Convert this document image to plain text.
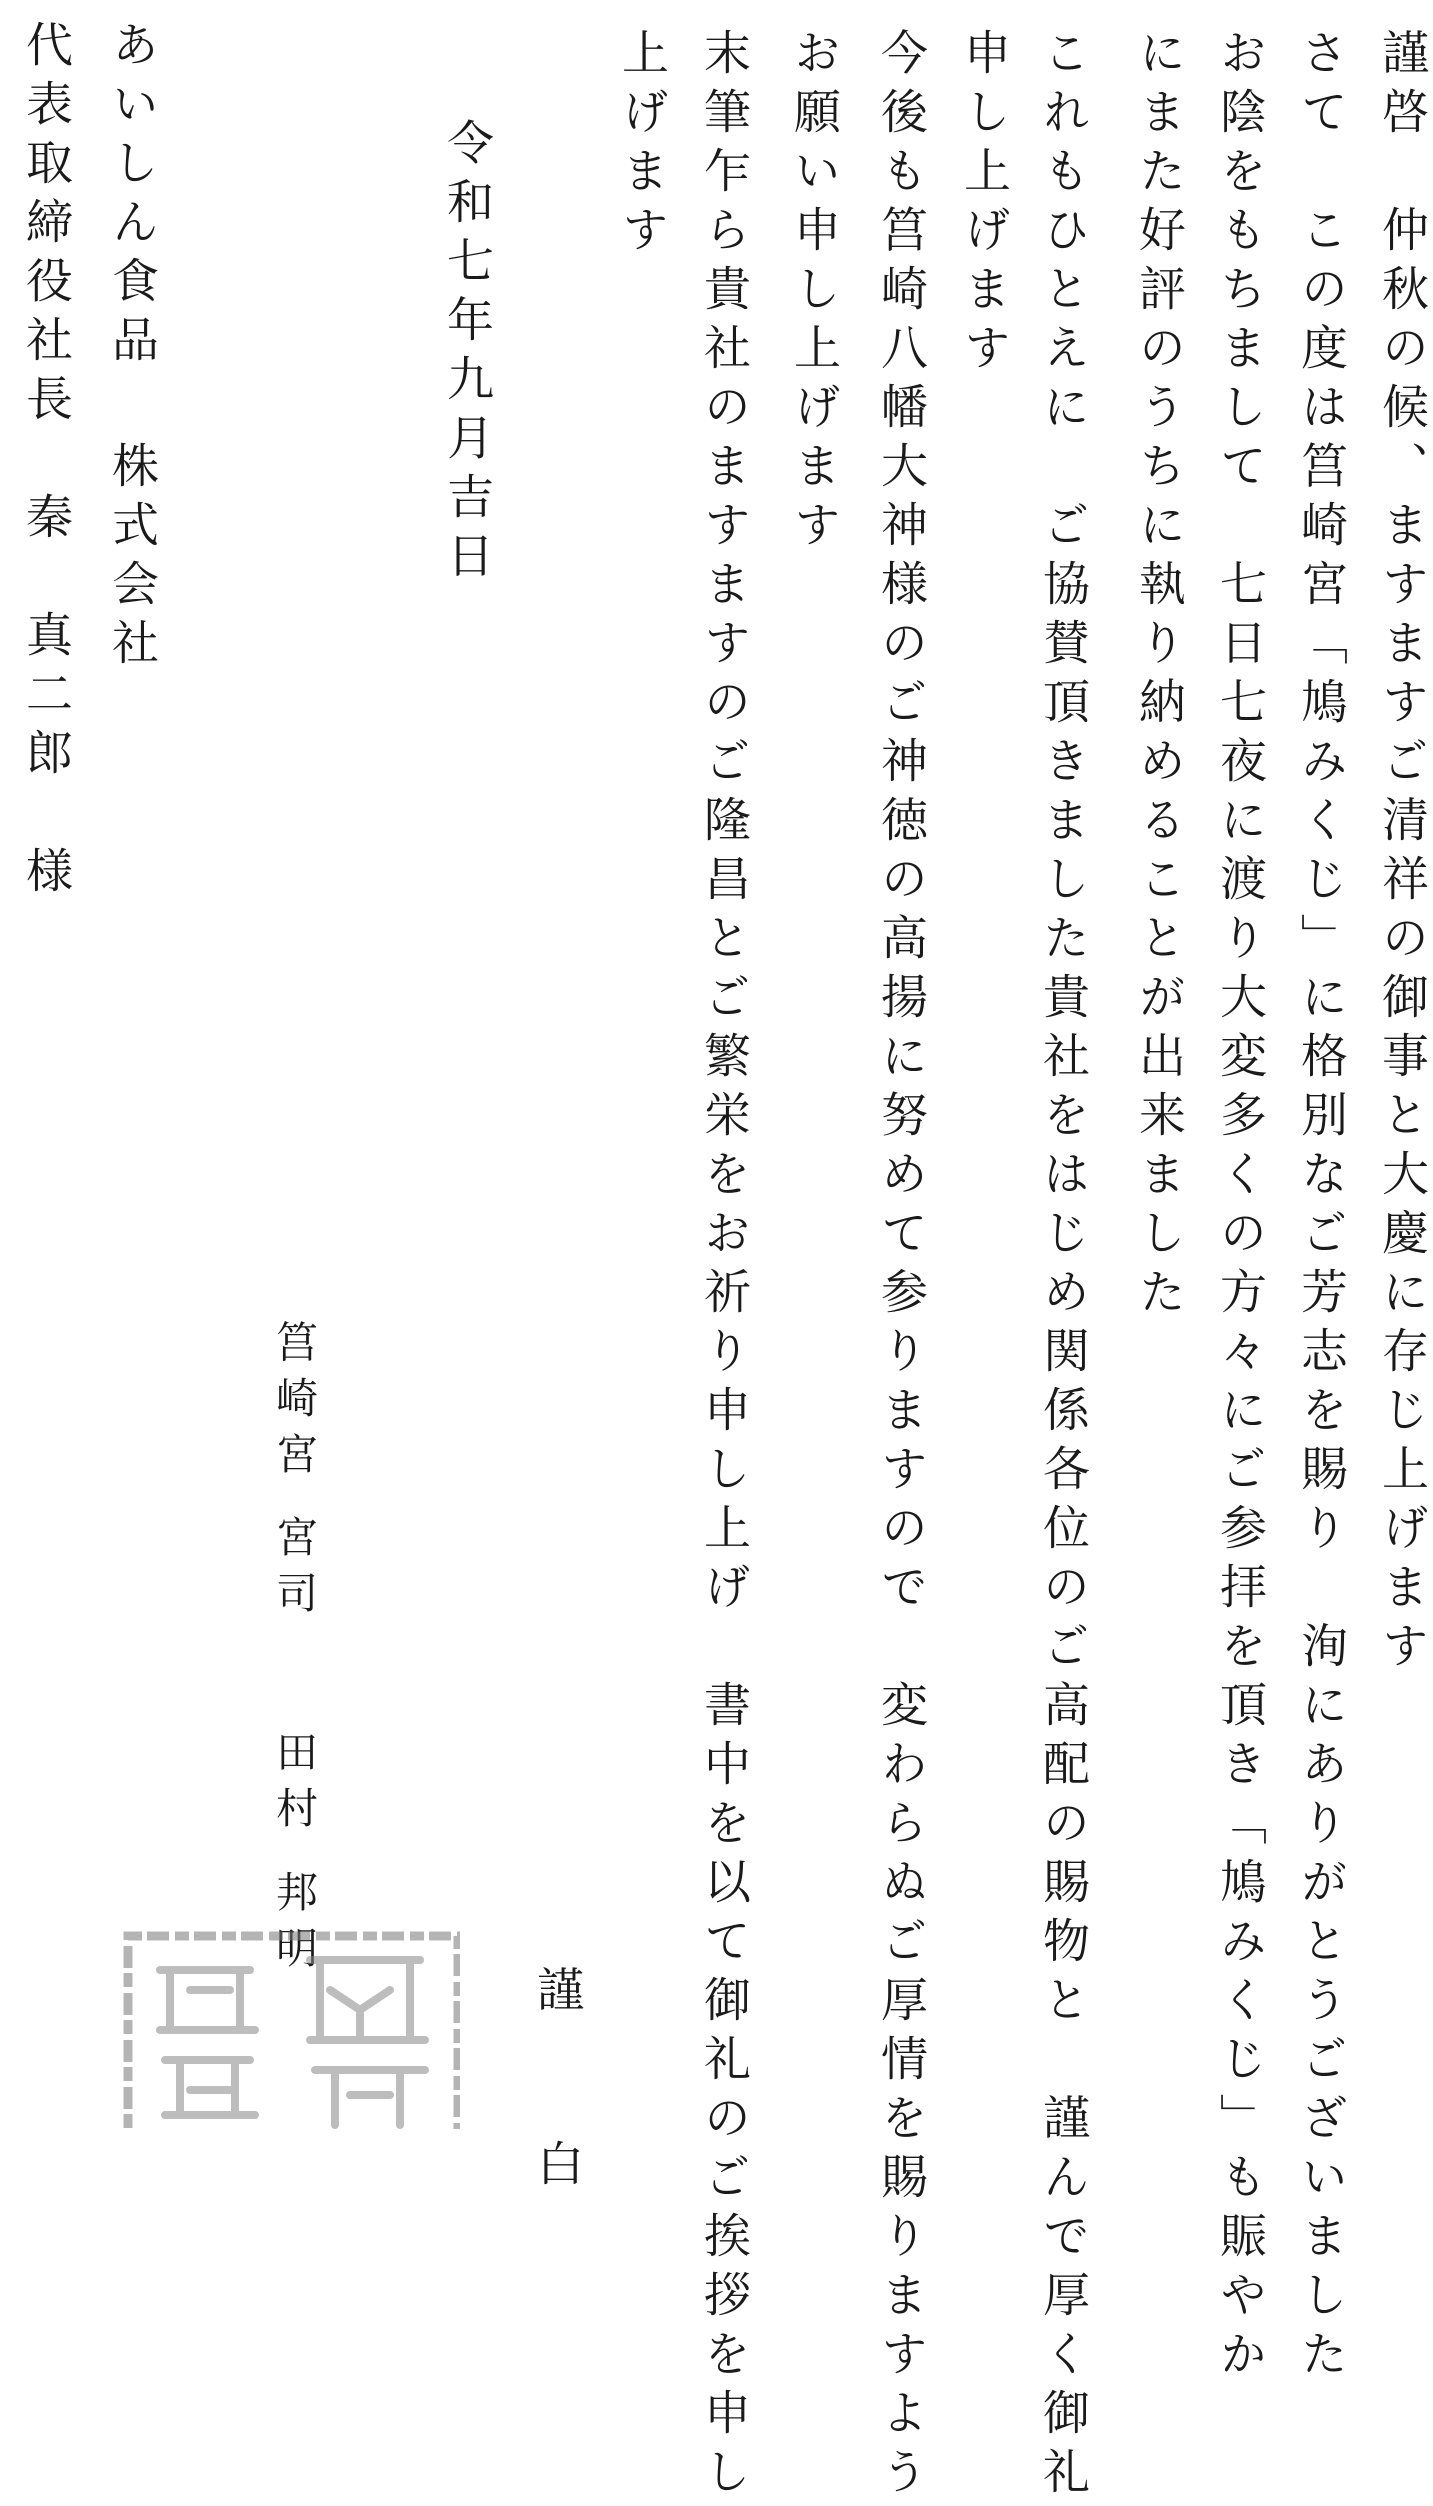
謹啓　仲秋の候、ますますご清祥の御事と大慶に存じ上げます
さて　この度は筥崎宮「鳩みくじ」に格別なご芳志を賜り　洵にありがとうございました
お陰をもちまして　七日七夜に渡り大変多くの方々にご参拝を頂き「鳩みくじ」も賑やか
にまた好評のうちに執り納めることが出来ました
これもひとえに　ご協賛頂きました貴社をはじめ関係各位のご高配の賜物と　謹んで厚く御礼
申し上げます
今後も筥崎八幡大神様のご神徳の高揚に努めて参りますので　変わらぬご厚情を賜りますよう
お願い申し上げます
末筆乍ら貴社のますますのご隆昌とご繁栄をお祈り申し上げ　書中を以て御礼のご挨拶を申し
上げます
謹　白
令和七年九月吉日
筥崎宮
宮司
田村
邦明
あいしん食品 株式会社
代表取締役社長　秦　真二郎　様
